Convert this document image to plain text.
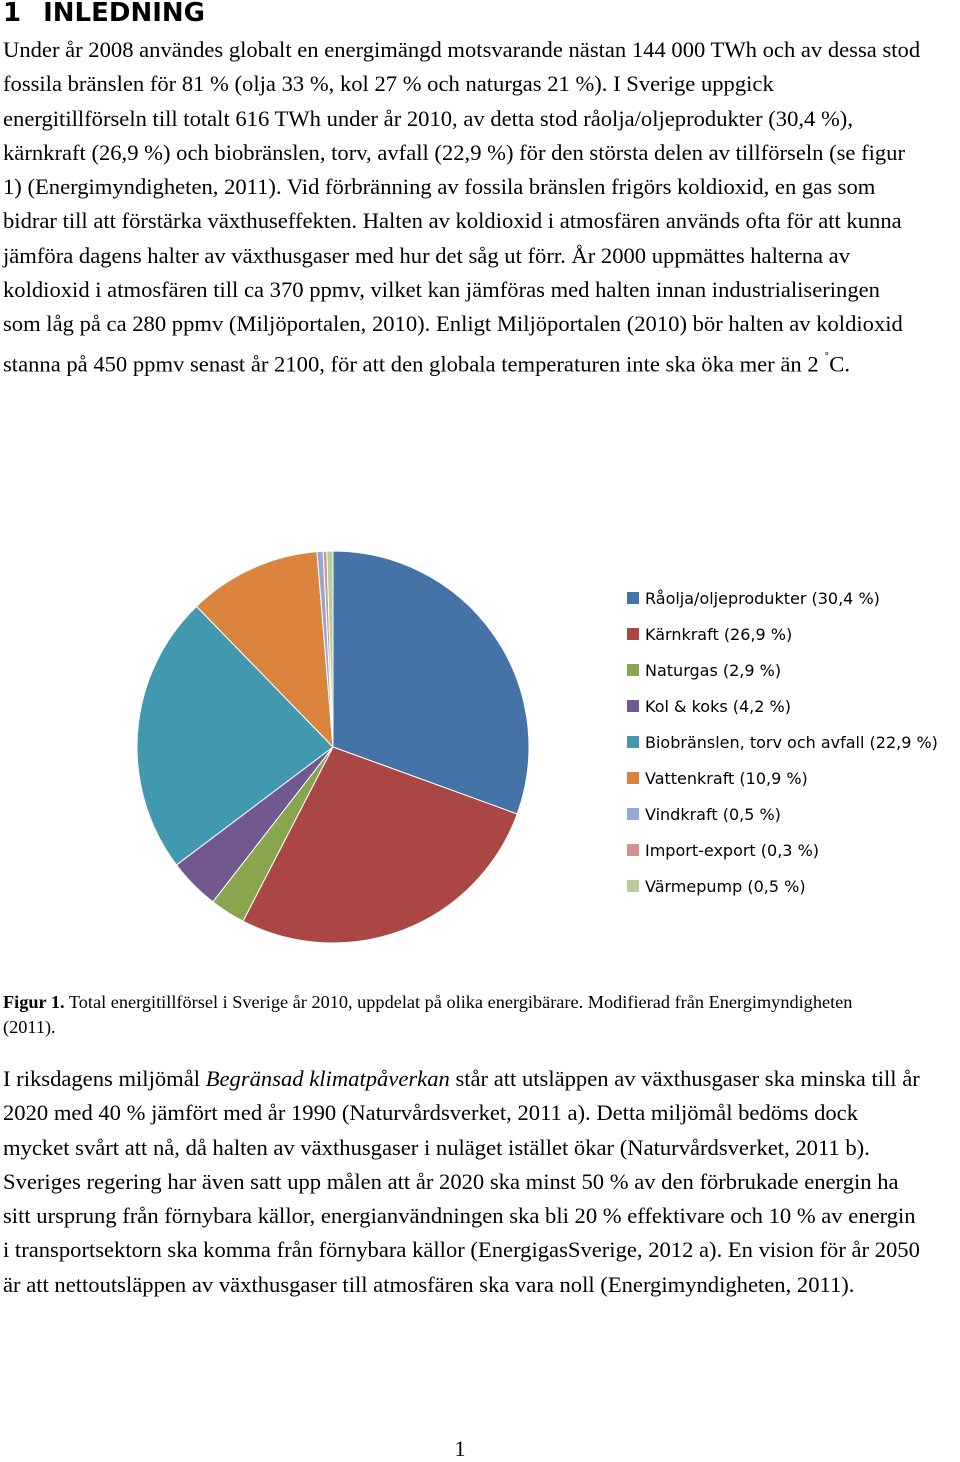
1 INLEDNING

Under år 2008 användes globalt en energimängd motsvarande nästan 144 000 TWh och av dessa stod fossila bränslen för 81 % (olja 33 %, kol 27 % och naturgas 21 %). I Sverige uppgick energitillförseln till totalt 616 TWh under år 2010, av detta stod råolja/oljeprodukter (30,4 %), kärnkraft (26,9 %) och biobränslen, torv, avfall (22,9 %) för den största delen av tillförseln (se figur 1) (Energimyndigheten, 2011). Vid förbränning av fossila bränslen frigörs koldioxid, en gas som bidrar till att förstärka växthuseffekten. Halten av koldioxid i atmosfären används ofta för att kunna jämföra dagens halter av växthusgaser med hur det såg ut förr. År 2000 uppmättes halterna av koldioxid i atmosfären till ca 370 ppmv, vilket kan jämföras med halten innan industrialiseringen som låg på ca 280 ppmv (Miljöportalen, 2010). Enligt Miljöportalen (2010) bör halten av koldioxid stanna på 450 ppmv senast år 2100, för att den globala temperaturen inte ska öka mer än 2 ˚C.

Råolja/oljeprodukter (30,4 %)
Kärnkraft (26,9 %)
Naturgas (2,9 %)
Kol & koks (4,2 %)
Biobränslen, torv och avfall (22,9 %)
Vattenkraft (10,9 %)
Vindkraft (0,5 %)
Import-export (0,3 %)
Värmepump (0,5 %)

Figur 1. Total energitillförsel i Sverige år 2010, uppdelat på olika energibärare. Modifierad från Energimyndigheten (2011).

I riksdagens miljömål Begränsad klimatpåverkan står att utsläppen av växthusgaser ska minska till år 2020 med 40 % jämfört med år 1990 (Naturvårdsverket, 2011 a). Detta miljömål bedöms dock mycket svårt att nå, då halten av växthusgaser i nuläget istället ökar (Naturvårdsverket, 2011 b). Sveriges regering har även satt upp målen att år 2020 ska minst 50 % av den förbrukade energin ha sitt ursprung från förnybara källor, energianvändningen ska bli 20 % effektivare och 10 % av energin i transportsektorn ska komma från förnybara källor (EnergigasSverige, 2012 a). En vision för år 2050 är att nettoutsläppen av växthusgaser till atmosfären ska vara noll (Energimyndigheten, 2011).

1
